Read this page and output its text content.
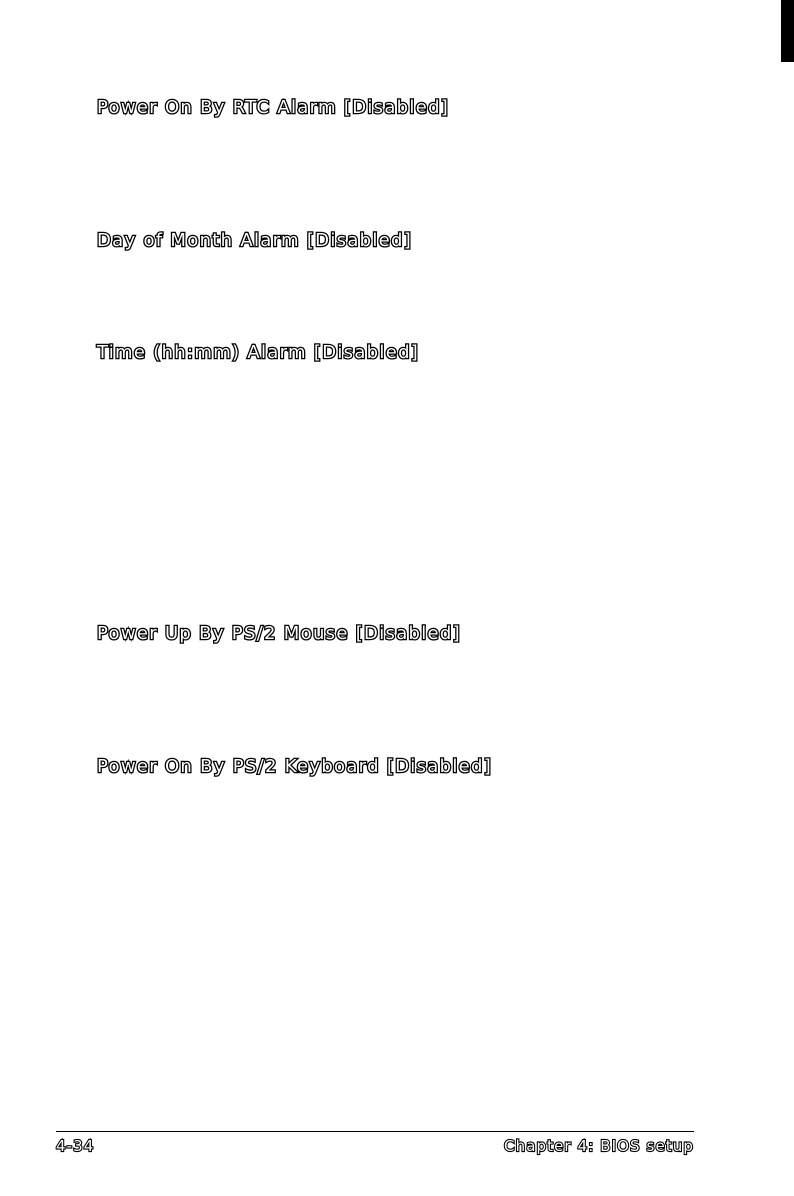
Power On By RTC Alarm [Disabled]
Day of Month Alarm [Disabled]
Time (hh:mm) Alarm [Disabled]
Power Up By PS/2 Mouse [Disabled]
Power On By PS/2 Keyboard [Disabled]
4-34	Chapter 4: BIOS setup
